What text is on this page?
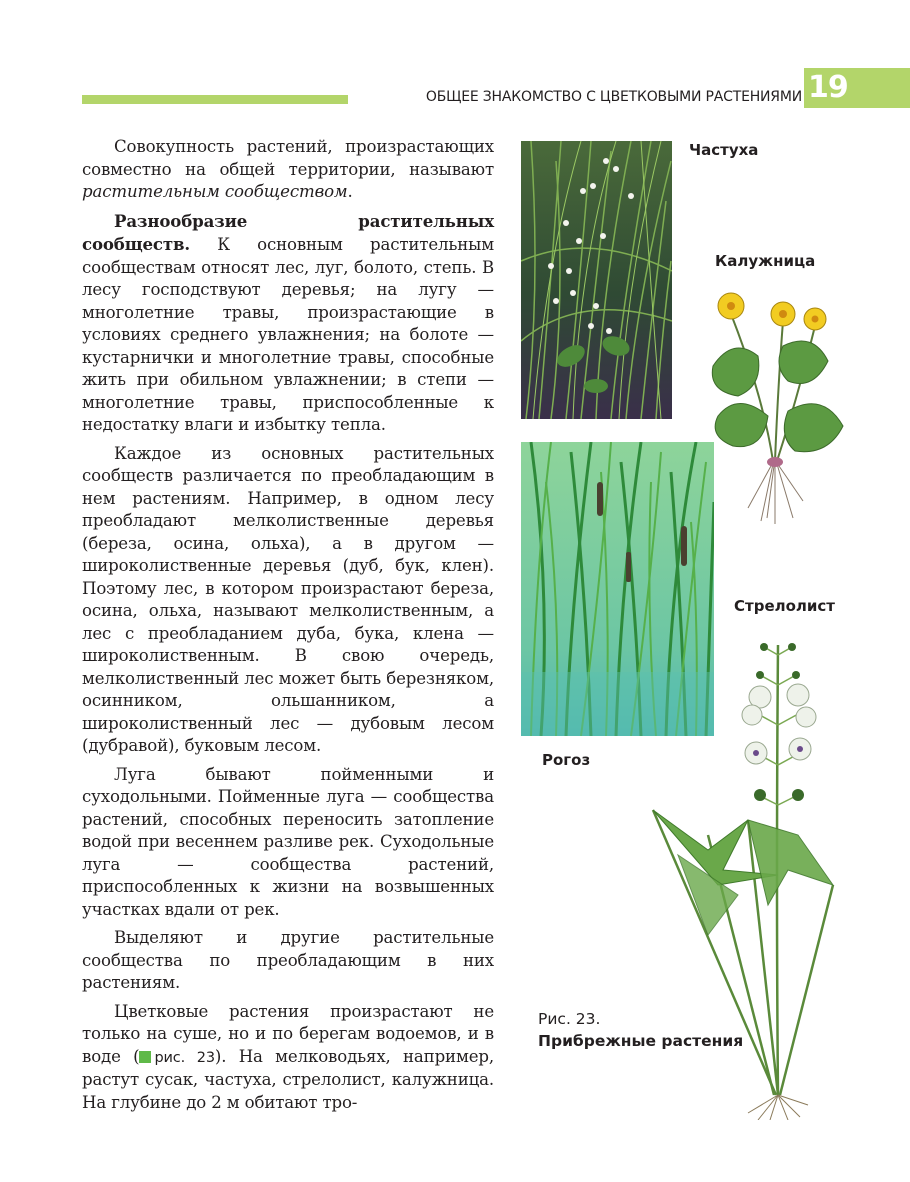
ОБЩЕЕ ЗНАКОМСТВО С ЦВЕТКОВЫМИ РАСТЕНИЯМИ 19

Совокупность растений, произрастающих совместно на общей территории, называют растительным сообществом.

Разнообразие растительных сообществ. К основным растительным сообществам относят лес, луг, болото, степь. В лесу господствуют деревья; на лугу — многолетние травы, произрастающие в условиях среднего увлажнения; на болоте — кустарнички и многолетние травы, способные жить при обильном увлажнении; в степи — многолетние травы, приспособленные к недостатку влаги и избытку тепла.

Каждое из основных растительных сообществ различается по преобладающим в нем растениям. Например, в одном лесу преобладают мелколиственные деревья (береза, осина, ольха), а в другом — широколиственные деревья (дуб, бук, клен). Поэтому лес, в котором произрастают береза, осина, ольха, называют мелколиственным, а лес с преобладанием дуба, бука, клена — широколиственным. В свою очередь, мелколиственный лес может быть березняком, осинником, ольшанником, а широколиственный лес — дубовым лесом (дубравой), буковым лесом.

Луга бывают пойменными и суходольными. Пойменные луга — сообщества растений, способных переносить затопление водой при весеннем разливе рек. Суходольные луга — сообщества растений, приспособленных к жизни на возвышенных участках вдали от рек.

Выделяют и другие растительные сообщества по преобладающим в них растениям.

Цветковые растения произрастают не только на суше, но и по берегам водоемов, и в воде ( рис. 23). На мелководьях, например, растут сусак, частуха, стрелолист, калужница. На глубине до 2 м обитают тро-

Частуха
Калужница
Стрелолист
Рогоз
Рис. 23.
Прибрежные растения
